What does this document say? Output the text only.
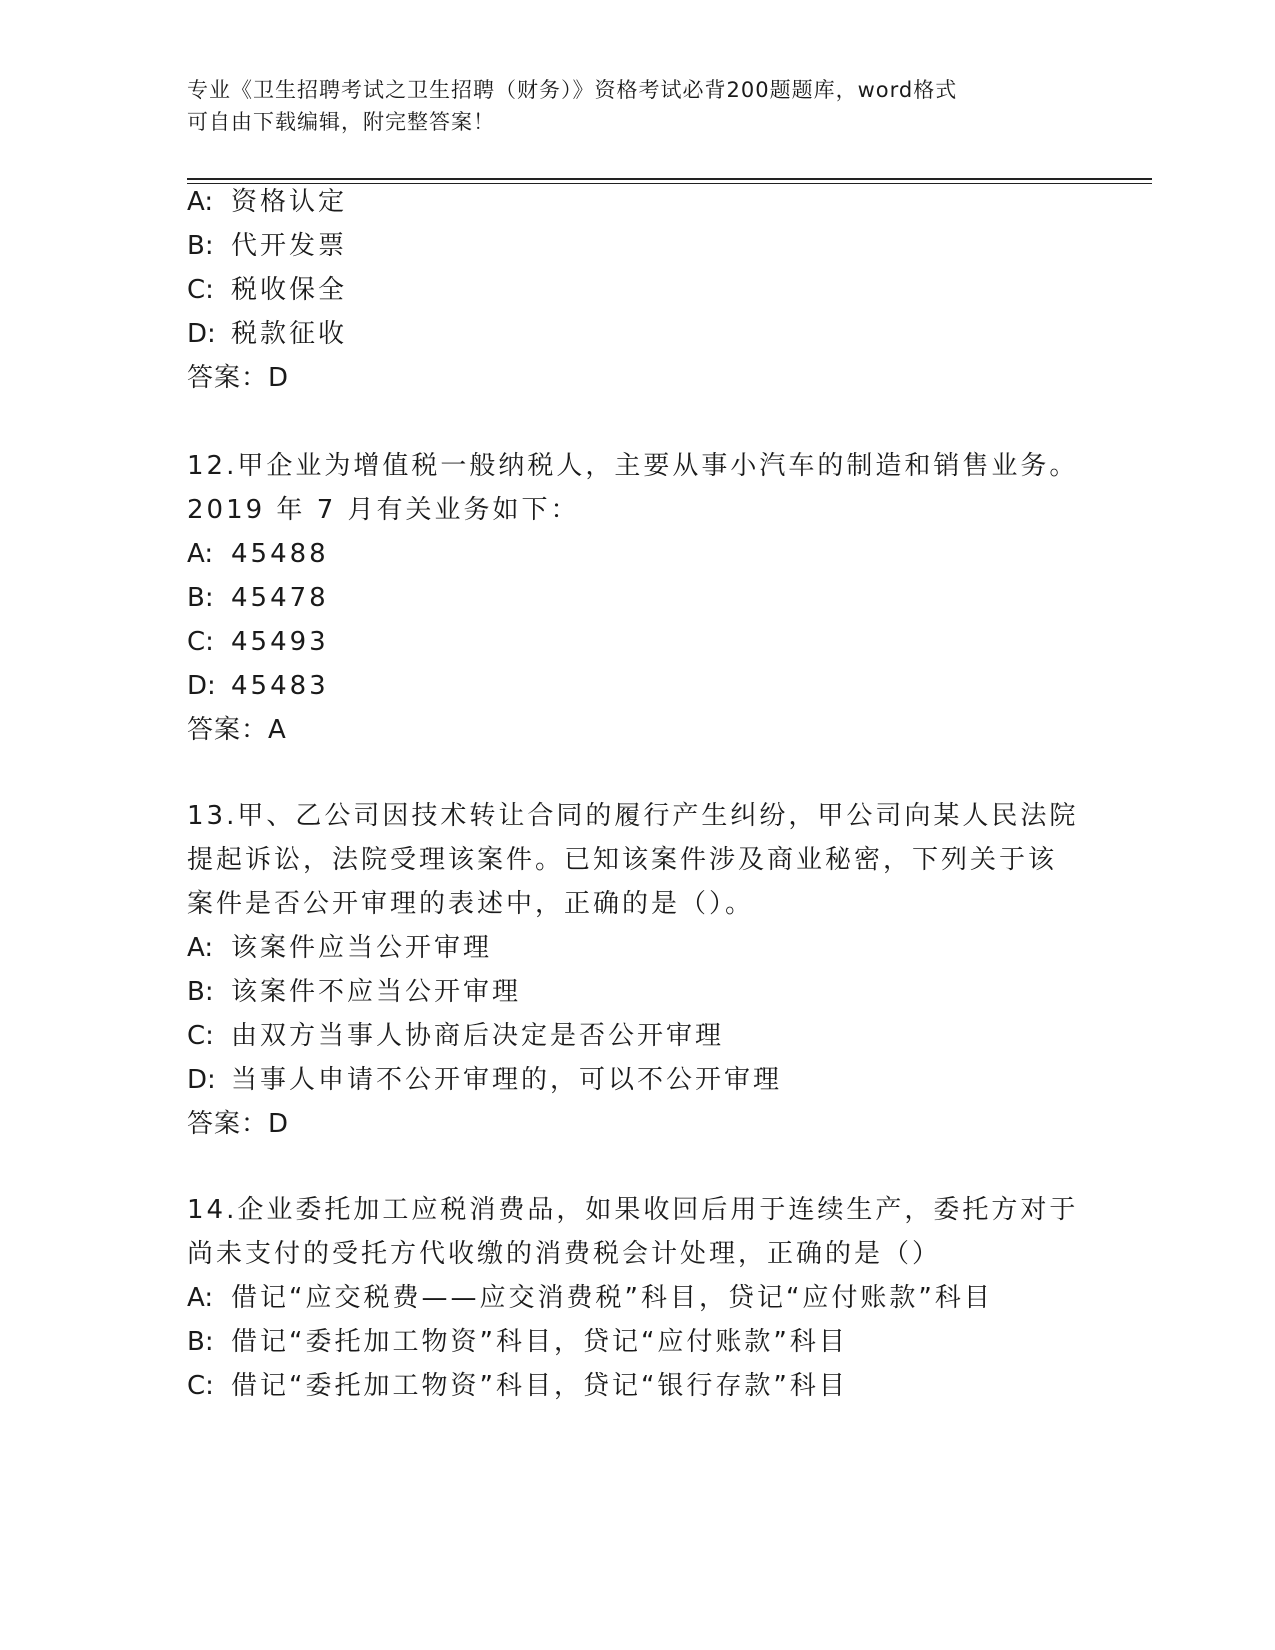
专业《卫生招聘考试之卫生招聘（财务）》资格考试必背200题题库，word格式
可自由下载编辑，附完整答案！
A: 资格认定
B: 代开发票
C: 税收保全
D: 税款征收
答案：D
12.甲企业为增值税一般纳税人，主要从事小汽车的制造和销售业务。
2019 年 7 月有关业务如下：
A: 45488
B: 45478
C: 45493
D: 45483
答案：A
13.甲、乙公司因技术转让合同的履行产生纠纷，甲公司向某人民法院
提起诉讼，法院受理该案件。已知该案件涉及商业秘密，下列关于该
案件是否公开审理的表述中，正确的是（）。
A: 该案件应当公开审理
B: 该案件不应当公开审理
C: 由双方当事人协商后决定是否公开审理
D: 当事人申请不公开审理的，可以不公开审理
答案：D
14.企业委托加工应税消费品，如果收回后用于连续生产，委托方对于
尚未支付的受托方代收缴的消费税会计处理，正确的是（）
A: 借记“应交税费——应交消费税”科目，贷记“应付账款”科目
B: 借记“委托加工物资”科目，贷记“应付账款”科目
C: 借记“委托加工物资”科目，贷记“银行存款”科目
